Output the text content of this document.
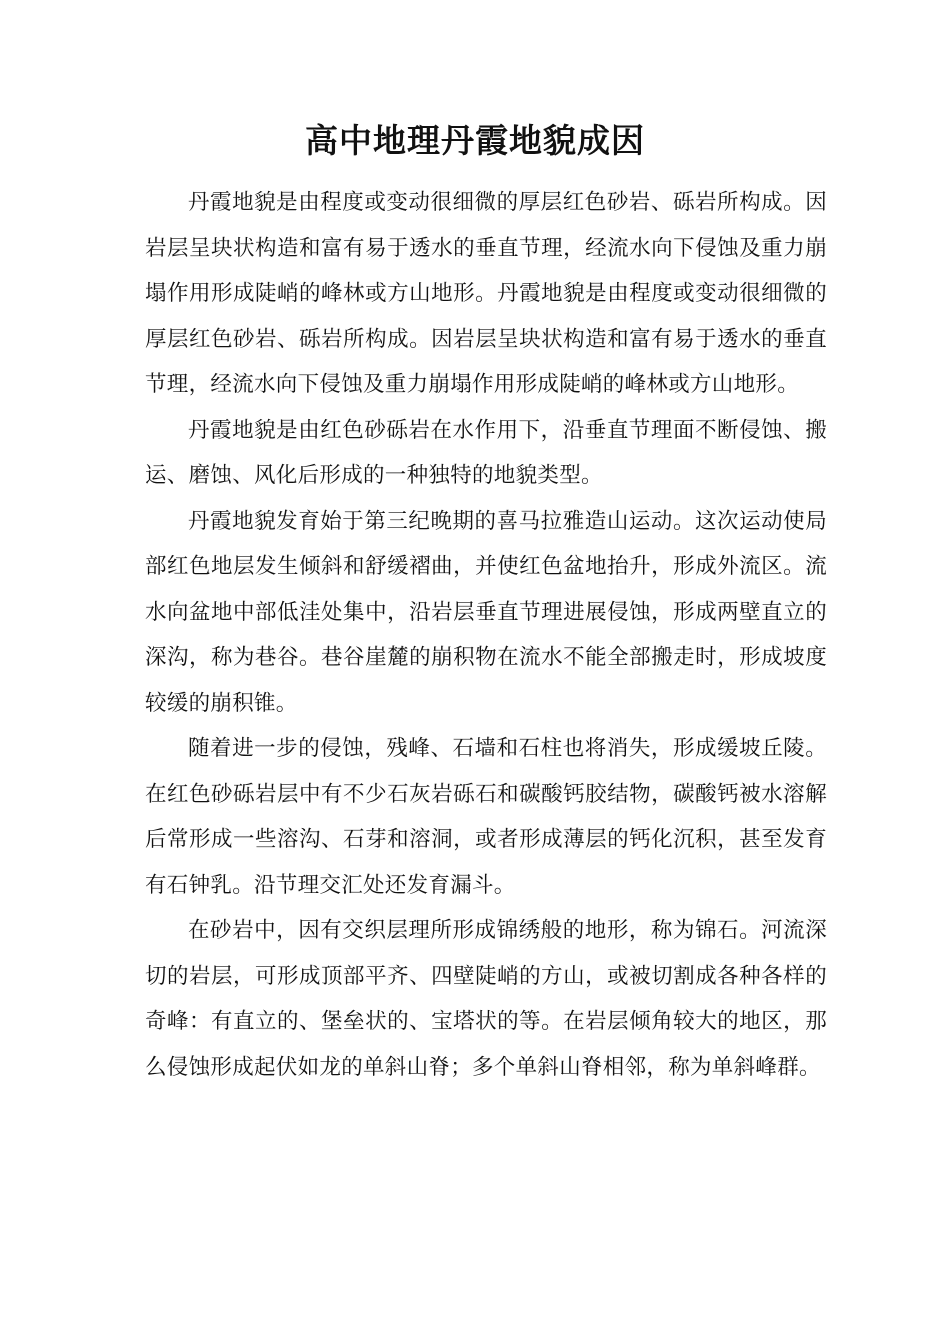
高中地理丹霞地貌成因

丹霞地貌是由程度或变动很细微的厚层红色砂岩、砾岩所构成。因岩层呈块状构造和富有易于透水的垂直节理，经流水向下侵蚀及重力崩塌作用形成陡峭的峰林或方山地形。丹霞地貌是由程度或变动很细微的厚层红色砂岩、砾岩所构成。因岩层呈块状构造和富有易于透水的垂直节理，经流水向下侵蚀及重力崩塌作用形成陡峭的峰林或方山地形。

丹霞地貌是由红色砂砾岩在水作用下，沿垂直节理面不断侵蚀、搬运、磨蚀、风化后形成的一种独特的地貌类型。

丹霞地貌发育始于第三纪晚期的喜马拉雅造山运动。这次运动使局部红色地层发生倾斜和舒缓褶曲，并使红色盆地抬升，形成外流区。流水向盆地中部低洼处集中，沿岩层垂直节理进展侵蚀，形成两壁直立的深沟，称为巷谷。巷谷崖麓的崩积物在流水不能全部搬走时，形成坡度较缓的崩积锥。

随着进一步的侵蚀，残峰、石墙和石柱也将消失，形成缓坡丘陵。在红色砂砾岩层中有不少石灰岩砾石和碳酸钙胶结物，碳酸钙被水溶解后常形成一些溶沟、石芽和溶洞，或者形成薄层的钙化沉积，甚至发育有石钟乳。沿节理交汇处还发育漏斗。

在砂岩中，因有交织层理所形成锦绣般的地形，称为锦石。河流深切的岩层，可形成顶部平齐、四壁陡峭的方山，或被切割成各种各样的奇峰：有直立的、堡垒状的、宝塔状的等。在岩层倾角较大的地区，那么侵蚀形成起伏如龙的单斜山脊；多个单斜山脊相邻，称为单斜峰群。
